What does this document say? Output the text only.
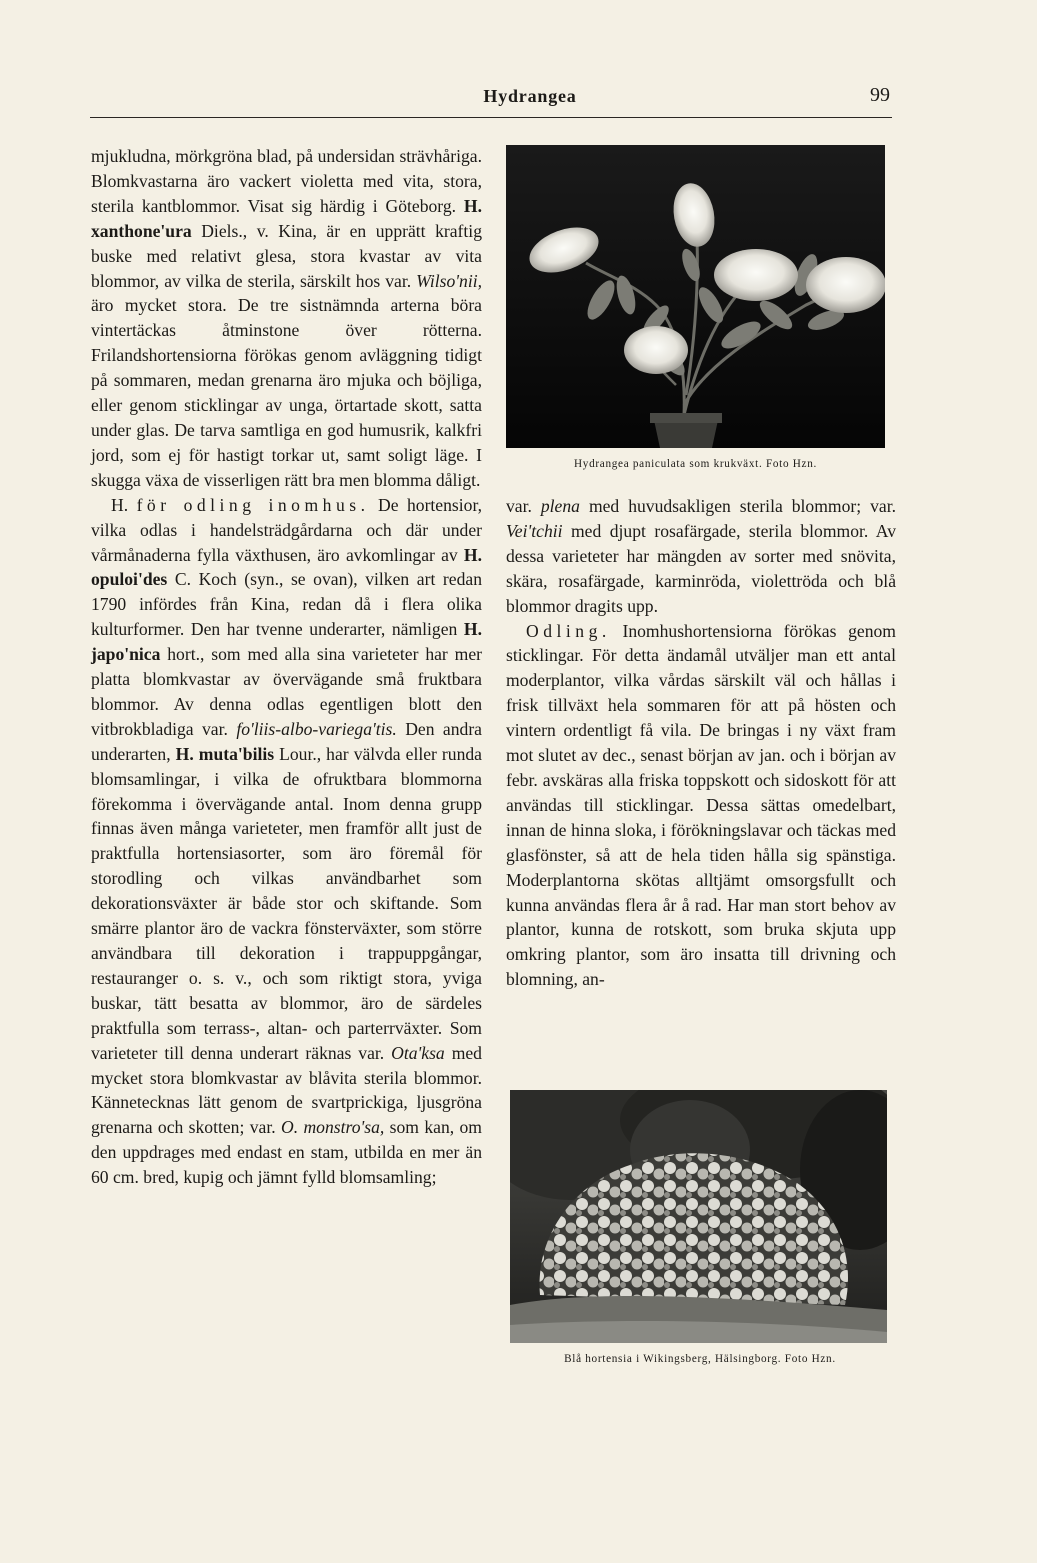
Hydrangea	99

mjukludna, mörkgröna blad, på undersidan strävhåriga. Blomkvastarna äro vackert violetta med vita, stora, sterila kantblommor. Visat sig härdig i Göteborg. H. xanthone'ura Diels., v. Kina, är en upprätt kraftig buske med relativt glesa, stora kvastar av vita blommor, av vilka de sterila, särskilt hos var. Wilso'nii, äro mycket stora. De tre sistnämnda arterna böra vintertäckas åtminstone över rötterna. Frilandshortensiorna förökas genom avläggning tidigt på sommaren, medan grenarna äro mjuka och böjliga, eller genom sticklingar av unga, örtartade skott, satta under glas. De tarva samtliga en god humusrik, kalkfri jord, som ej för hastigt torkar ut, samt soligt läge. I skugga växa de visserligen rätt bra men blomma dåligt.

H. för odling inomhus. De hortensior, vilka odlas i handelsträdgårdarna och där under vårmånaderna fylla växthusen, äro avkomlingar av H. opuloi'des C. Koch (syn., se ovan), vilken art redan 1790 infördes från Kina, redan då i flera olika kulturformer. Den har tvenne underarter, nämligen H. japo'nica hort., som med alla sina varieteter har mer platta blomkvastar av övervägande små fruktbara blommor. Av denna odlas egentligen blott den vitbrokbladiga var. fo'liis-albo-variega'tis. Den andra underarten, H. muta'bilis Lour., har välvda eller runda blomsamlingar, i vilka de ofruktbara blommorna förekomma i övervägande antal. Inom denna grupp finnas även många varieteter, men framför allt just de praktfulla hortensiasorter, som äro föremål för storodling och vilkas användbarhet som dekorationsväxter är både stor och skiftande. Som smärre plantor äro de vackra fönsterväxter, som större användbara till dekoration i trappuppgångar, restauranger o. s. v., och som riktigt stora, yviga buskar, tätt besatta av blommor, äro de särdeles praktfulla som terrass-, altan- och parterrväxter. Som varieteter till denna underart räknas var. Ota'ksa med mycket stora blomkvastar av blåvita sterila blommor. Kännetecknas lätt genom de svartprickiga, ljusgröna grenarna och skotten; var. O. monstro'sa, som kan, om den uppdrages med endast en stam, utbilda en mer än 60 cm. bred, kupig och jämnt fylld blomsamling;

Hydrangea paniculata som krukväxt. Foto Hzn.

var. plena med huvudsakligen sterila blommor; var. Vei'tchii med djupt rosafärgade, sterila blommor. Av dessa varieteter har mängden av sorter med snövita, skära, rosafärgade, karminröda, violettröda och blå blommor dragits upp.

Odling. Inomhushortensiorna förökas genom sticklingar. För detta ändamål utväljer man ett antal moderplantor, vilka vårdas särskilt väl och hållas i frisk tillväxt hela sommaren för att på hösten och vintern ordentligt få vila. De bringas i ny växt fram mot slutet av dec., senast början av jan. och i början av febr. avskäras alla friska toppskott och sidoskott för att användas till sticklingar. Dessa sättas omedelbart, innan de hinna sloka, i förökningslavar och täckas med glasfönster, så att de hela tiden hålla sig spänstiga. Moderplantorna skötas alltjämt omsorgsfullt och kunna användas flera år å rad. Har man stort behov av plantor, kunna de rotskott, som bruka skjuta upp omkring plantor, som äro insatta till drivning och blomning, an-

Blå hortensia i Wikingsberg, Hälsingborg. Foto Hzn.
